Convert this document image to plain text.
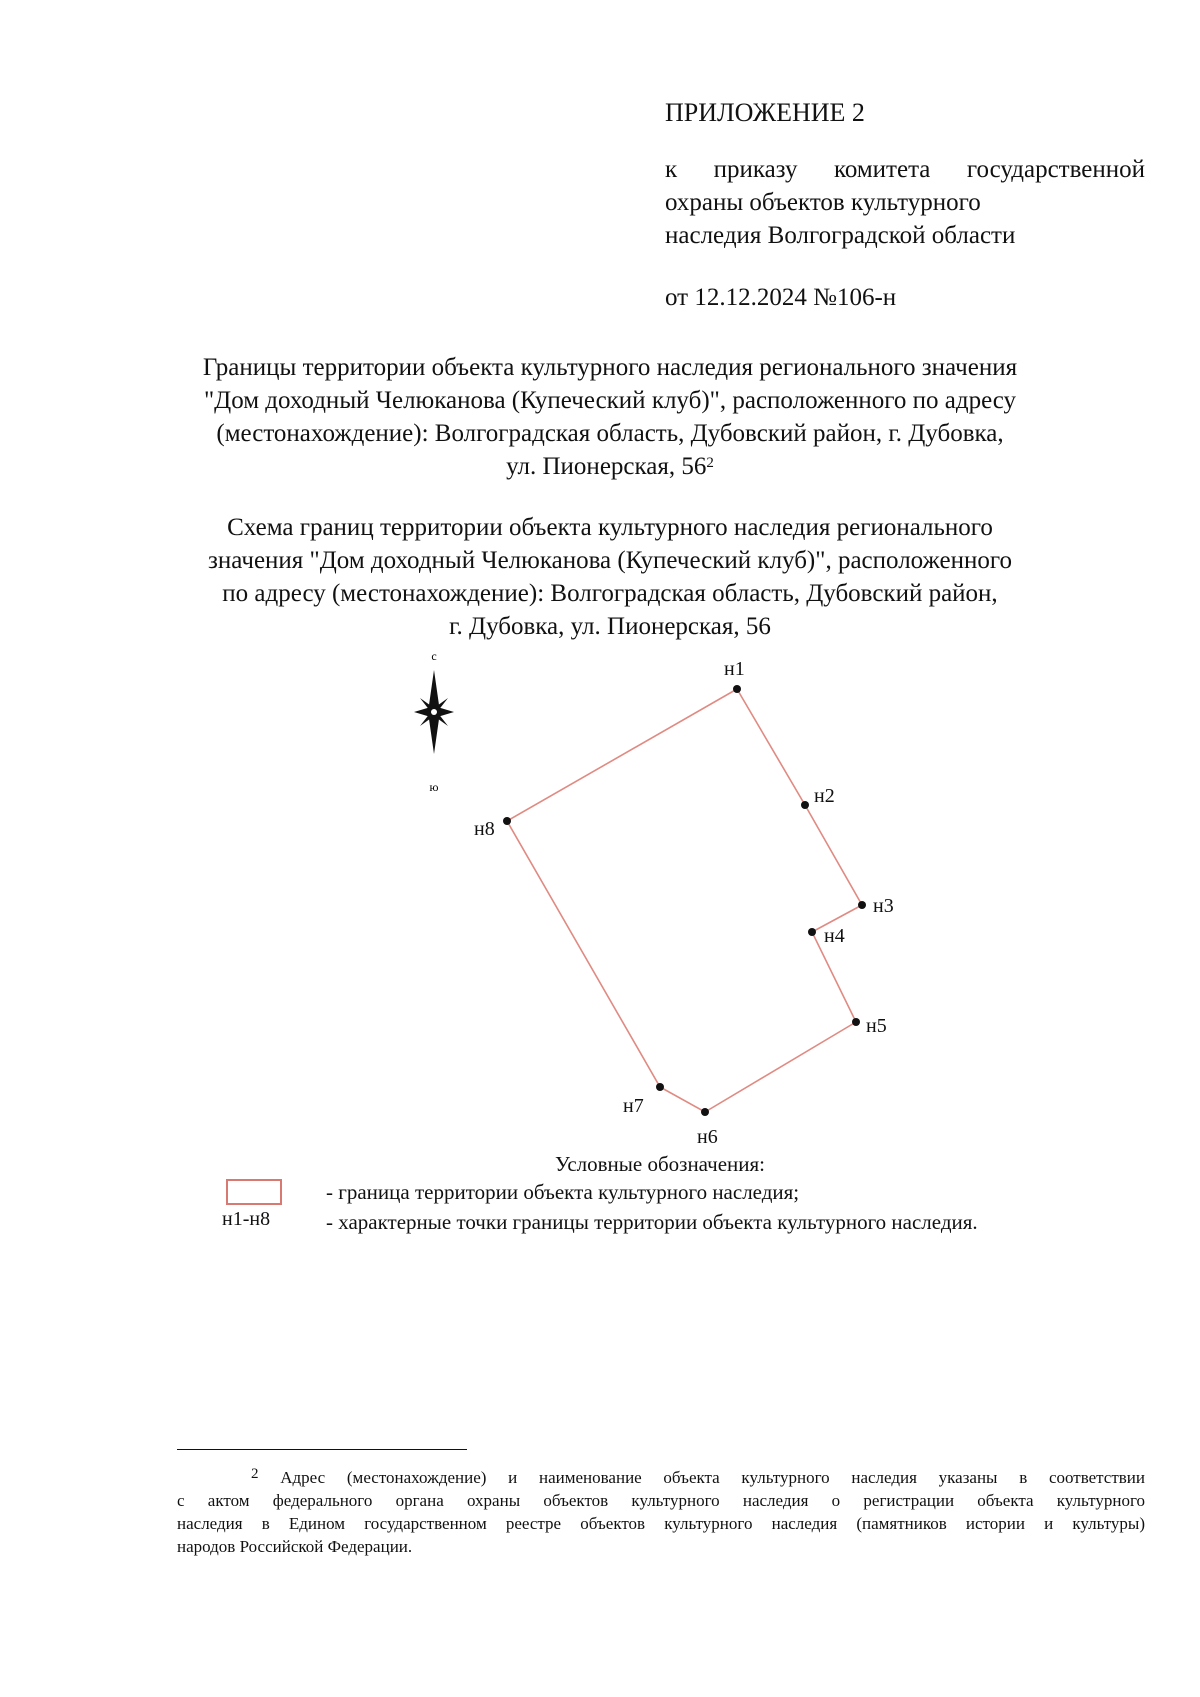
ПРИЛОЖЕНИЕ 2

к приказу комитета государственной
охраны объектов культурного
наследия Волгоградской области

от 12.12.2024 №106-н

Границы территории объекта культурного наследия регионального значения
"Дом доходный Челюканова (Купеческий клуб)", расположенного по адресу
(местонахождение): Волгоградская область, Дубовский район, г. Дубовка,
ул. Пионерская, $56^2$
Схема границ территории объекта культурного наследия регионального
значения "Дом доходный Челюканова (Купеческий клуб)", расположенного
по адресу (местонахождение): Волгоградская область, Дубовский район,
г. Дубовка, ул. Пионерская, 56
с
ю
н1
н2
н3
н4
н5
н6
н7
н8

Условные обозначения:

н1-н8

- граница территории объекта культурного наследия;

- характерные точки границы территории объекта культурного наследия.

$^2$ Адрес (местонахождение) и наименование объекта культурного наследия указаны в соответствии
с актом федерального органа охраны объектов культурного наследия о регистрации объекта культурного
наследия в Едином государственном реестре объектов культурного наследия (памятников истории и культуры)
народов Российской Федерации.
